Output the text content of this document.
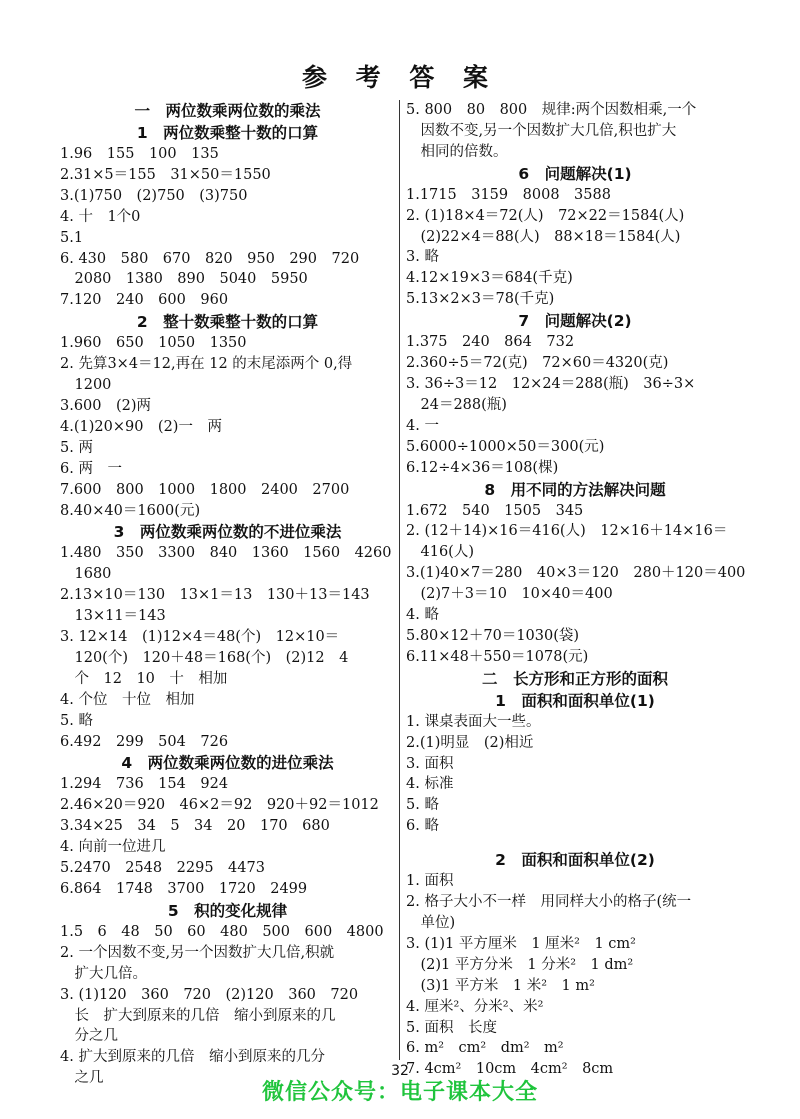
参 考 答 案
一　两位数乘两位数的乘法
1　两位数乘整十数的口算
1.96　155　100　135
2.31×5＝155　31×50＝1550
3.(1)750　(2)750　(3)750
4. 十　1个0
5.1
6. 430　580　670　820　950　290　720
　2080　1380　890　5040　5950
7.120　240　600　960
2　整十数乘整十数的口算
1.960　650　1050　1350
2. 先算3×4＝12,再在 12 的末尾添两个 0,得
　1200
3.600　(2)两
4.(1)20×90　(2)一　两
5. 两
6. 两　一
7.600　800　1000　1800　2400　2700
8.40×40＝1600(元)
3　两位数乘两位数的不进位乘法
1.480　350　3300　840　1360　1560　4260
　1680
2.13×10＝130　13×1＝13　130＋13＝143
　13×11＝143
3. 12×14　(1)12×4＝48(个)　12×10＝
　120(个)　120＋48＝168(个)　(2)12　4
　个　12　10　十　相加
4. 个位　十位　相加
5. 略
6.492　299　504　726
4　两位数乘两位数的进位乘法
1.294　736　154　924
2.46×20＝920　46×2＝92　920＋92＝1012
3.34×25　34　5　34　20　170　680
4. 向前一位进几
5.2470　2548　2295　4473
6.864　1748　3700　1720　2499
5　积的变化规律
1.5　6　48　50　60　480　500　600　4800
2. 一个因数不变,另一个因数扩大几倍,积就
　扩大几倍。
3. (1)120　360　720　(2)120　360　720
　长　扩大到原来的几倍　缩小到原来的几
　分之几
4. 扩大到原来的几倍　缩小到原来的几分
　之几
5. 800　80　800　规律:两个因数相乘,一个
　因数不变,另一个因数扩大几倍,积也扩大
　相同的倍数。
6　问题解决(1)
1.1715　3159　8008　3588
2. (1)18×4＝72(人)　72×22＝1584(人)
　(2)22×4＝88(人)　88×18＝1584(人)
3. 略
4.12×19×3＝684(千克)
5.13×2×3＝78(千克)
7　问题解决(2)
1.375　240　864　732
2.360÷5＝72(克)　72×60＝4320(克)
3. 36÷3＝12　12×24＝288(瓶)　36÷3×
　24＝288(瓶)
4. 一
5.6000÷1000×50＝300(元)
6.12÷4×36＝108(棵)
8　用不同的方法解决问题
1.672　540　1505　345
2. (12＋14)×16＝416(人)　12×16＋14×16＝
　416(人)
3.(1)40×7＝280　40×3＝120　280＋120＝400
　(2)7＋3＝10　10×40＝400
4. 略
5.80×12＋70＝1030(袋)
6.11×48＋550＝1078(元)
二　长方形和正方形的面积
1　面积和面积单位(1)
1. 课桌表面大一些。
2.(1)明显　(2)相近
3. 面积
4. 标准
5. 略
6. 略
2　面积和面积单位(2)
1. 面积
2. 格子大小不一样　用同样大小的格子(统一
　单位)
3. (1)1 平方厘米　1 厘米²　1 cm²
　(2)1 平方分米　1 分米²　1 dm²
　(3)1 平方米　1 米²　1 m²
4. 厘米²、分米²、米²
5. 面积　长度
6. m²　cm²　dm²　m²
7. 4cm²　10cm　4cm²　8cm
32
微信公众号：电子课本大全
